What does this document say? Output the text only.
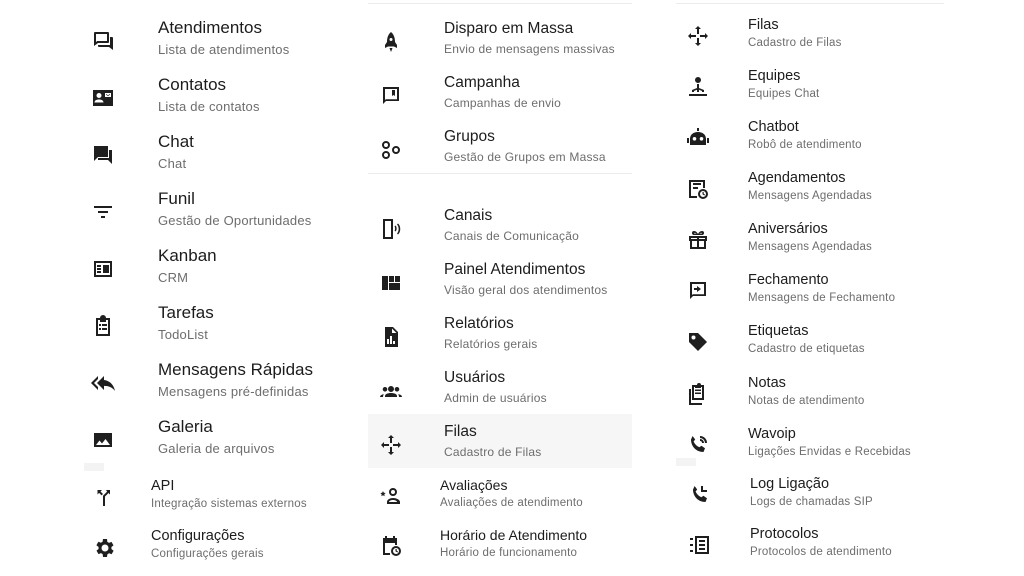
Atendimentos
Lista de atendimentos
Contatos
Lista de contatos
Chat
Chat
Funil
Gestão de Oportunidades
Kanban
CRM
Tarefas
TodoList
Mensagens Rápidas
Mensagens pré-definidas
Galeria
Galeria de arquivos
API
Integração sistemas externos
Configurações
Configurações gerais
Disparo em Massa
Envio de mensagens massivas
Campanha
Campanhas de envio
Grupos
Gestão de Grupos em Massa
Canais
Canais de Comunicação
Painel Atendimentos
Visão geral dos atendimentos
Relatórios
Relatórios gerais
Usuários
Admin de usuários
Filas
Cadastro de Filas
Avaliações
Avaliações de atendimento
Horário de Atendimento
Horário de funcionamento
Filas
Cadastro de Filas
Equipes
Equipes Chat
Chatbot
Robô de atendimento
Agendamentos
Mensagens Agendadas
Aniversários
Mensagens Agendadas
Fechamento
Mensagens de Fechamento
Etiquetas
Cadastro de etiquetas
Notas
Notas de atendimento
Wavoip
Ligações Envidas e Recebidas
Log Ligação
Logs de chamadas SIP
Protocolos
Protocolos de atendimento
